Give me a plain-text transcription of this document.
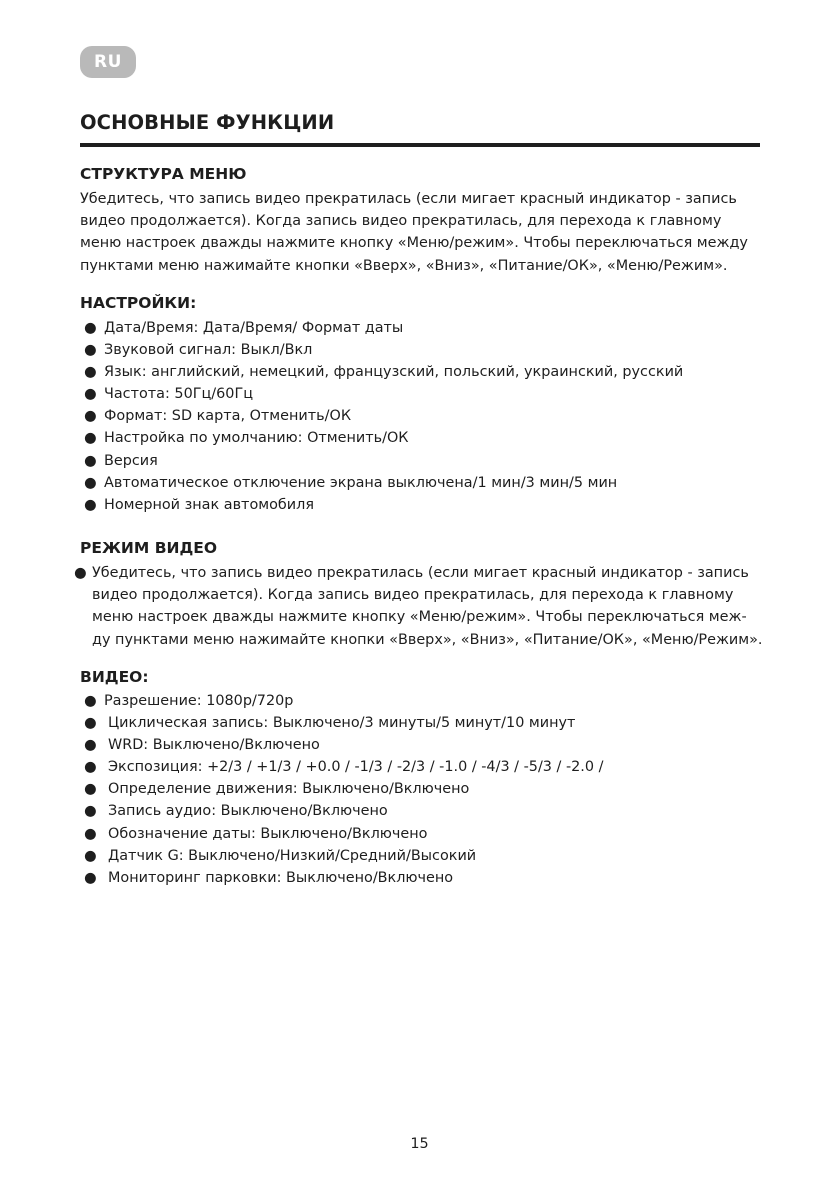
RU
ОСНОВНЫЕ ФУНКЦИИ
СТРУКТУРА МЕНЮ
Убедитесь, что запись видео прекратилась (если мигает красный индикатор - запись
видео продолжается). Когда запись видео прекратилась, для перехода к главному
меню настроек дважды нажмите кнопку «Меню/режим». Чтобы переключаться между
пунктами меню нажимайте кнопки «Вверх», «Вниз», «Питание/ОК», «Меню/Режим».
НАСТРОЙКИ:
● Дата/Время: Дата/Время/ Формат даты
● Звуковой сигнал: Выкл/Вкл
● Язык: английский, немецкий, французский, польский, украинский, русский
● Частота: 50Гц/60Гц
● Формат: SD карта, Отменить/ОК
● Настройка по умолчанию: Отменить/ОК
● Версия
● Автоматическое отключение экрана выключена/1 мин/3 мин/5 мин
● Номерной знак автомобиля
РЕЖИМ ВИДЕО
● Убедитесь, что запись видео прекратилась (если мигает красный индикатор - запись
видео продолжается). Когда запись видео прекратилась, для перехода к главному
меню настроек дважды нажмите кнопку «Меню/режим». Чтобы переключаться меж-
ду пунктами меню нажимайте кнопки «Вверх», «Вниз», «Питание/ОК», «Меню/Режим».
ВИДЕО:
● Разрешение: 1080p/720p
● Циклическая запись: Выключено/3 минуты/5 минут/10 минут
● WRD: Выключено/Включено
● Экспозиция: +2/3 / +1/3 / +0.0 / -1/3 / -2/3 / -1.0 / -4/3 / -5/3 / -2.0 /
● Определение движения: Выключено/Включено
● Запись аудио: Выключено/Включено
● Обозначение даты: Выключено/Включено
● Датчик G: Выключено/Низкий/Средний/Высокий
● Мониторинг парковки: Выключено/Включено
15
